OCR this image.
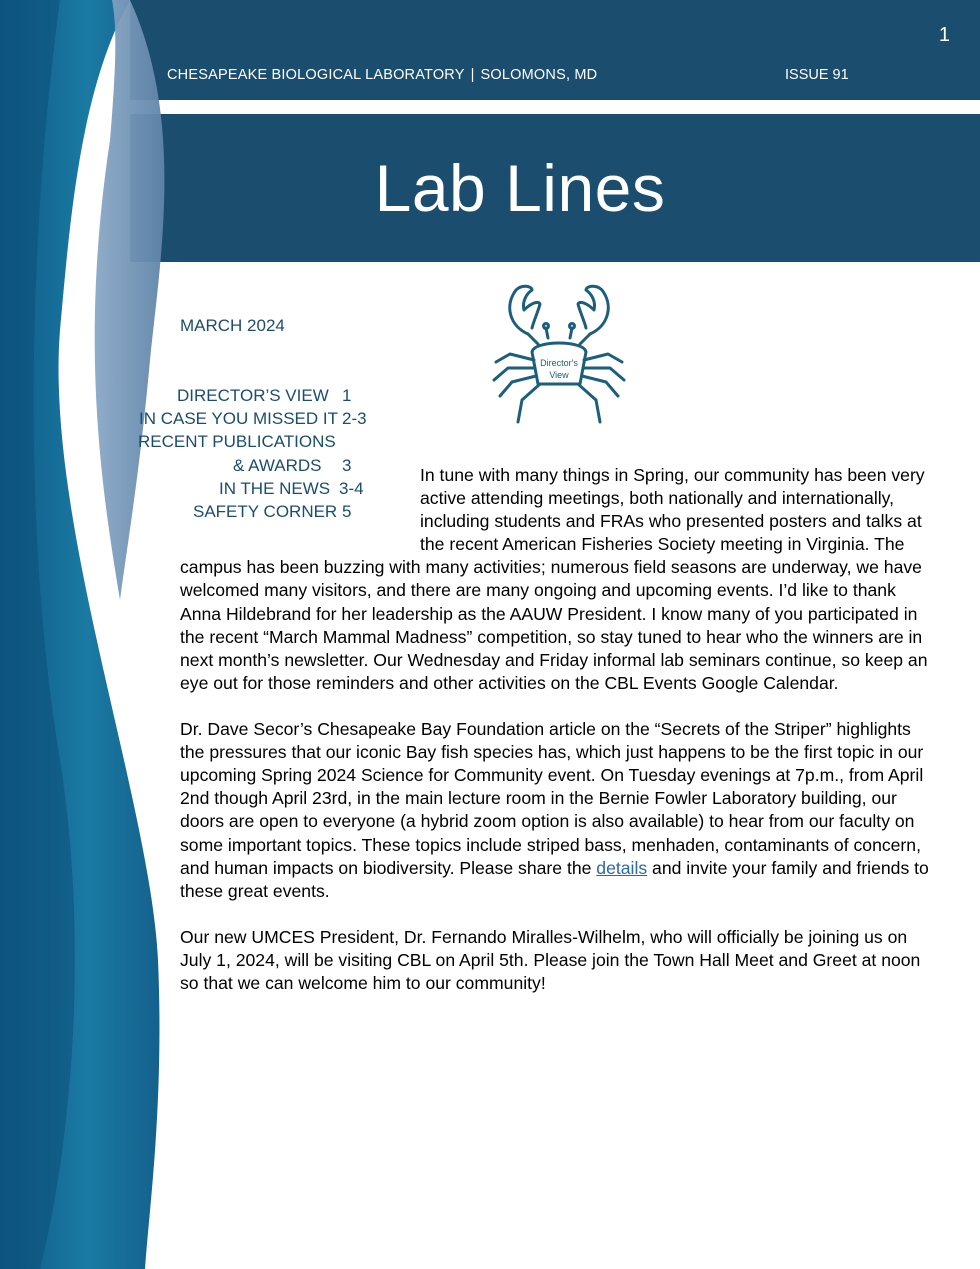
1
CHESAPEAKE BIOLOGICAL LABORATORY | SOLOMONS, MD	ISSUE 91
Lab Lines
MARCH 2024
DIRECTOR’S VIEW 1
IN CASE YOU MISSED IT 2-3
RECENT PUBLICATIONS
& AWARDS 3
IN THE NEWS 3-4
SAFETY CORNER 5
Director's
View

In tune with many things in Spring, our community has been very active attending meetings, both nationally and internationally, including students and FRAs who presented posters and talks at the recent American Fisheries Society meeting in Virginia. The campus has been buzzing with many activities; numerous field seasons are underway, we have welcomed many visitors, and there are many ongoing and upcoming events. I’d like to thank Anna Hildebrand for her leadership as the AAUW President. I know many of you participated in the recent “March Mammal Madness” competition, so stay tuned to hear who the winners are in next month’s newsletter. Our Wednesday and Friday informal lab seminars continue, so keep an eye out for those reminders and other activities on the CBL Events Google Calendar.

Dr. Dave Secor’s Chesapeake Bay Foundation article on the “Secrets of the Striper” highlights the pressures that our iconic Bay fish species has, which just happens to be the first topic in our upcoming Spring 2024 Science for Community event. On Tuesday evenings at 7p.m., from April 2nd though April 23rd, in the main lecture room in the Bernie Fowler Laboratory building, our doors are open to everyone (a hybrid zoom option is also available) to hear from our faculty on some important topics. These topics include striped bass, menhaden, contaminants of concern, and human impacts on biodiversity. Please share the details and invite your family and friends to these great events.

Our new UMCES President, Dr. Fernando Miralles-Wilhelm, who will officially be joining us on July 1, 2024, will be visiting CBL on April 5th. Please join the Town Hall Meet and Greet at noon so that we can welcome him to our community!
